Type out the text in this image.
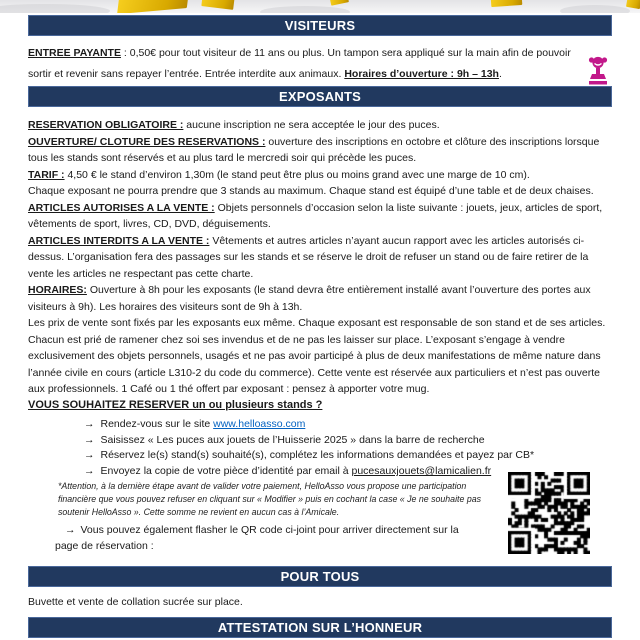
VISITEURS

ENTREE PAYANTE : 0,50€ pour tout visiteur de 11 ans ou plus. Un tampon sera appliqué sur la main afin de pouvoir sortir et revenir sans repayer l’entrée. Entrée interdite aux animaux. Horaires d’ouverture : 9h – 13h.

EXPOSANTS

RESERVATION OBLIGATOIRE : aucune inscription ne sera acceptée le jour des puces.

OUVERTURE/ CLOTURE DES RESERVATIONS : ouverture des inscriptions en octobre et clôture des inscriptions lorsque tous les stands sont réservés et au plus tard le mercredi soir qui précède les puces.

TARIF : 4,50 € le stand d’environ 1,30m (le stand peut être plus ou moins grand avec une marge de 10 cm).

Chaque exposant ne pourra prendre que 3 stands au maximum. Chaque stand est équipé d’une table et de deux chaises.

ARTICLES AUTORISES A LA VENTE : Objets personnels d’occasion selon la liste suivante : jouets, jeux, articles de sport, vêtements de sport, livres, CD, DVD, déguisements.

ARTICLES INTERDITS A LA VENTE : Vêtements et autres articles n’ayant aucun rapport avec les articles autorisés ci-dessus. L’organisation fera des passages sur les stands et se réserve le droit de refuser un stand ou de faire retirer de la vente les articles ne respectant pas cette charte.

HORAIRES: Ouverture à 8h pour les exposants (le stand devra être entièrement installé avant l’ouverture des portes aux visiteurs à 9h). Les horaires des visiteurs sont de 9h à 13h.

Les prix de vente sont fixés par les exposants eux même. Chaque exposant est responsable de son stand et de ses articles. Chacun est prié de ramener chez soi ses invendus et de ne pas les laisser sur place. L’exposant s’engage à vendre exclusivement des objets personnels, usagés et ne pas avoir participé à plus de deux manifestations de même nature dans l’année civile en cours (article L310-2 du code du commerce). Cette vente est réservée aux particuliers et n’est pas ouverte aux professionnels. 1 Café ou 1 thé offert par exposant : pensez à apporter votre mug.

VOUS SOUHAITEZ RESERVER un ou plusieurs stands ?
→ Rendez-vous sur le site www.helloasso.com
→ Saisissez « Les puces aux jouets de l’Huisserie 2025 » dans la barre de recherche
→ Réservez le(s) stand(s) souhaité(s), complétez les informations demandées et payez par CB*
→ Envoyez la copie de votre pièce d’identité par email à pucesauxjouets@lamicalien.fr
*Attention, à la dernière étape avant de valider votre paiement, HelloAsso vous propose une participation financière que vous pouvez refuser en cliquant sur « Modifier » puis en cochant la case « Je ne souhaite pas soutenir HelloAsso ». Cette somme ne revient en aucun cas à l’Amicale.
→ Vous pouvez également flasher le QR code ci-joint pour arriver directement sur la page de réservation :
POUR TOUS

Buvette et vente de collation sucrée sur place.

ATTESTATION SUR L’HONNEUR
